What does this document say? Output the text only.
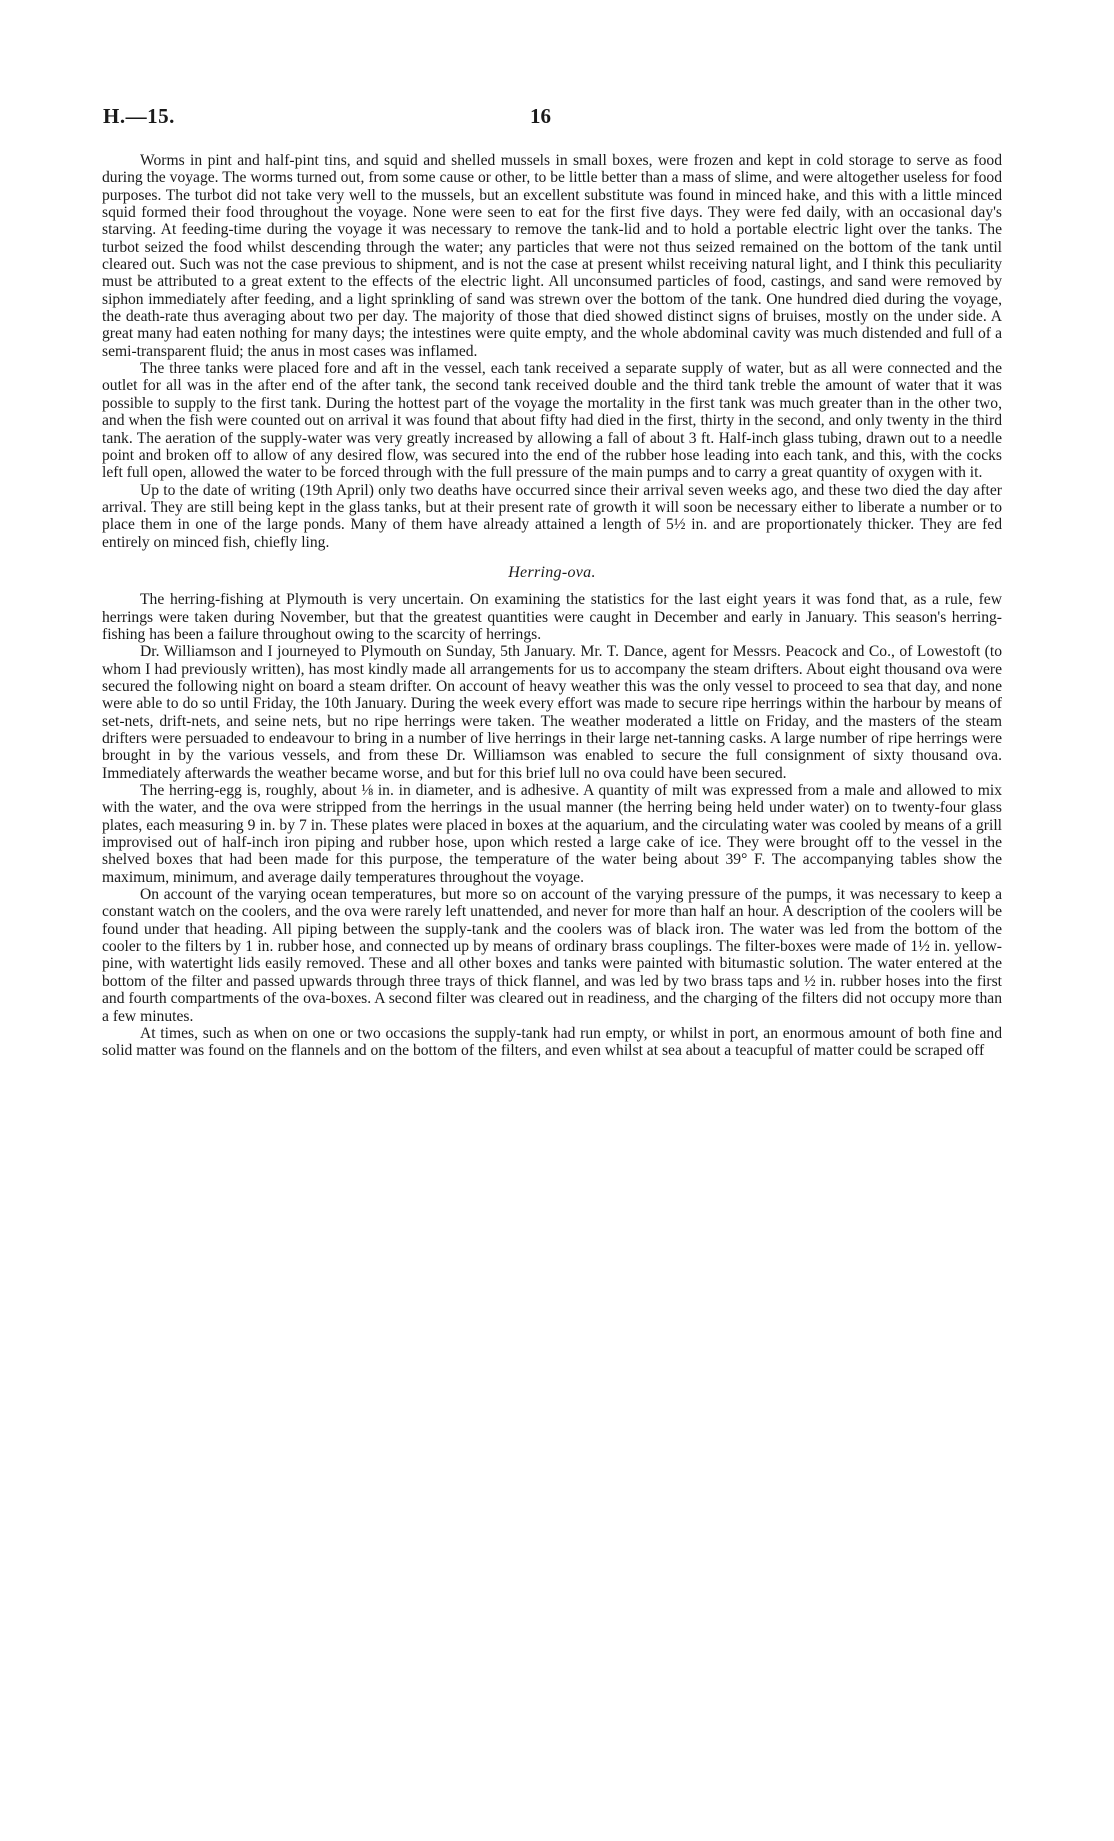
H.—15.	16

Worms in pint and half-pint tins, and squid and shelled mussels in small boxes, were frozen and kept in cold storage to serve as food during the voyage. The worms turned out, from some cause or other, to be little better than a mass of slime, and were altogether useless for food purposes. The turbot did not take very well to the mussels, but an excellent substitute was found in minced hake, and this with a little minced squid formed their food throughout the voyage. None were seen to eat for the first five days. They were fed daily, with an occasional day's starving. At feeding-time during the voyage it was necessary to remove the tank-lid and to hold a portable electric light over the tanks. The turbot seized the food whilst descending through the water; any particles that were not thus seized remained on the bottom of the tank until cleared out. Such was not the case previous to shipment, and is not the case at present whilst receiving natural light, and I think this peculiarity must be attributed to a great extent to the effects of the electric light. All unconsumed particles of food, castings, and sand were removed by siphon immediately after feeding, and a light sprinkling of sand was strewn over the bottom of the tank. One hundred died during the voyage, the death-rate thus averaging about two per day. The majority of those that died showed distinct signs of bruises, mostly on the under side. A great many had eaten nothing for many days; the intestines were quite empty, and the whole abdominal cavity was much distended and full of a semi-transparent fluid; the anus in most cases was inflamed.

The three tanks were placed fore and aft in the vessel, each tank received a separate supply of water, but as all were connected and the outlet for all was in the after end of the after tank, the second tank received double and the third tank treble the amount of water that it was possible to supply to the first tank. During the hottest part of the voyage the mortality in the first tank was much greater than in the other two, and when the fish were counted out on arrival it was found that about fifty had died in the first, thirty in the second, and only twenty in the third tank. The aeration of the supply-water was very greatly increased by allowing a fall of about 3 ft. Half-inch glass tubing, drawn out to a needle point and broken off to allow of any desired flow, was secured into the end of the rubber hose leading into each tank, and this, with the cocks left full open, allowed the water to be forced through with the full pressure of the main pumps and to carry a great quantity of oxygen with it.

Up to the date of writing (19th April) only two deaths have occurred since their arrival seven weeks ago, and these two died the day after arrival. They are still being kept in the glass tanks, but at their present rate of growth it will soon be necessary either to liberate a number or to place them in one of the large ponds. Many of them have already attained a length of 5½ in. and are proportionately thicker. They are fed entirely on minced fish, chiefly ling.

Herring-ova.

The herring-fishing at Plymouth is very uncertain. On examining the statistics for the last eight years it was fond that, as a rule, few herrings were taken during November, but that the greatest quantities were caught in December and early in January. This season's herring-fishing has been a failure throughout owing to the scarcity of herrings.

Dr. Williamson and I journeyed to Plymouth on Sunday, 5th January. Mr. T. Dance, agent for Messrs. Peacock and Co., of Lowestoft (to whom I had previously written), has most kindly made all arrangements for us to accompany the steam drifters. About eight thousand ova were secured the following night on board a steam drifter. On account of heavy weather this was the only vessel to proceed to sea that day, and none were able to do so until Friday, the 10th January. During the week every effort was made to secure ripe herrings within the harbour by means of set-nets, drift-nets, and seine nets, but no ripe herrings were taken. The weather moderated a little on Friday, and the masters of the steam drifters were persuaded to endeavour to bring in a number of live herrings in their large net-tanning casks. A large number of ripe herrings were brought in by the various vessels, and from these Dr. Williamson was enabled to secure the full consignment of sixty thousand ova. Immediately afterwards the weather became worse, and but for this brief lull no ova could have been secured.

The herring-egg is, roughly, about ⅛ in. in diameter, and is adhesive. A quantity of milt was expressed from a male and allowed to mix with the water, and the ova were stripped from the herrings in the usual manner (the herring being held under water) on to twenty-four glass plates, each measuring 9 in. by 7 in. These plates were placed in boxes at the aquarium, and the circulating water was cooled by means of a grill improvised out of half-inch iron piping and rubber hose, upon which rested a large cake of ice. They were brought off to the vessel in the shelved boxes that had been made for this purpose, the temperature of the water being about 39° F. The accompanying tables show the maximum, minimum, and average daily temperatures throughout the voyage.

On account of the varying ocean temperatures, but more so on account of the varying pressure of the pumps, it was necessary to keep a constant watch on the coolers, and the ova were rarely left unattended, and never for more than half an hour. A description of the coolers will be found under that heading. All piping between the supply-tank and the coolers was of black iron. The water was led from the bottom of the cooler to the filters by 1 in. rubber hose, and connected up by means of ordinary brass couplings. The filter-boxes were made of 1½ in. yellow-pine, with watertight lids easily removed. These and all other boxes and tanks were painted with bitumastic solution. The water entered at the bottom of the filter and passed upwards through three trays of thick flannel, and was led by two brass taps and ½ in. rubber hoses into the first and fourth compartments of the ova-boxes. A second filter was cleared out in readiness, and the charging of the filters did not occupy more than a few minutes.

At times, such as when on one or two occasions the supply-tank had run empty, or whilst in port, an enormous amount of both fine and solid matter was found on the flannels and on the bottom of the filters, and even whilst at sea about a teacupful of matter could be scraped off
